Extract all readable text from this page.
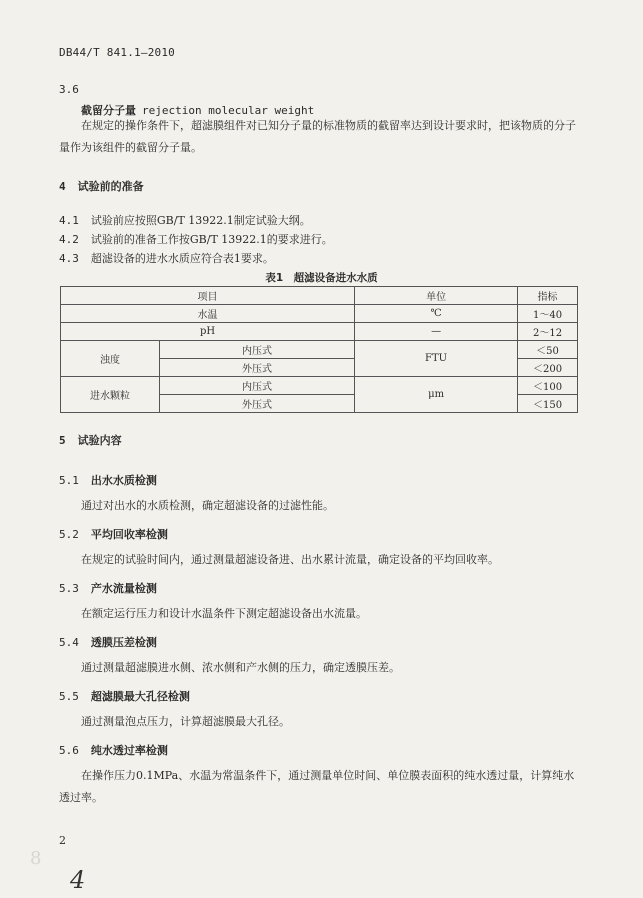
DB44/T 841.1—2010
3.6
截留分子量 rejection molecular weight
在规定的操作条件下，超滤膜组件对已知分子量的标准物质的截留率达到设计要求时，把该物质的分子量作为该组件的截留分子量。
4 试验前的准备
4.1 试验前应按照GB/T 13922.1制定试验大纲。
4.2 试验前的准备工作按GB/T 13922.1的要求进行。
4.3 超滤设备的进水水质应符合表1要求。
表1　超滤设备进水水质
项目		单位	指标
水温		℃	1～40
pH		—	2～12
浊度	内压式	FTU	＜50
	外压式		＜200
进水颗粒	内压式	μm	＜100
	外压式		＜150
5 试验内容
5.1 出水水质检测
通过对出水的水质检测，确定超滤设备的过滤性能。
5.2 平均回收率检测
在规定的试验时间内，通过测量超滤设备进、出水累计流量，确定设备的平均回收率。
5.3 产水流量检测
在额定运行压力和设计水温条件下测定超滤设备出水流量。
5.4 透膜压差检测
通过测量超滤膜进水侧、浓水侧和产水侧的压力，确定透膜压差。
5.5 超滤膜最大孔径检测
通过测量泡点压力，计算超滤膜最大孔径。
5.6 纯水透过率检测
在操作压力0.1MPa、水温为常温条件下，通过测量单位时间、单位膜表面积的纯水透过量，计算纯水透过率。
2
8
4
